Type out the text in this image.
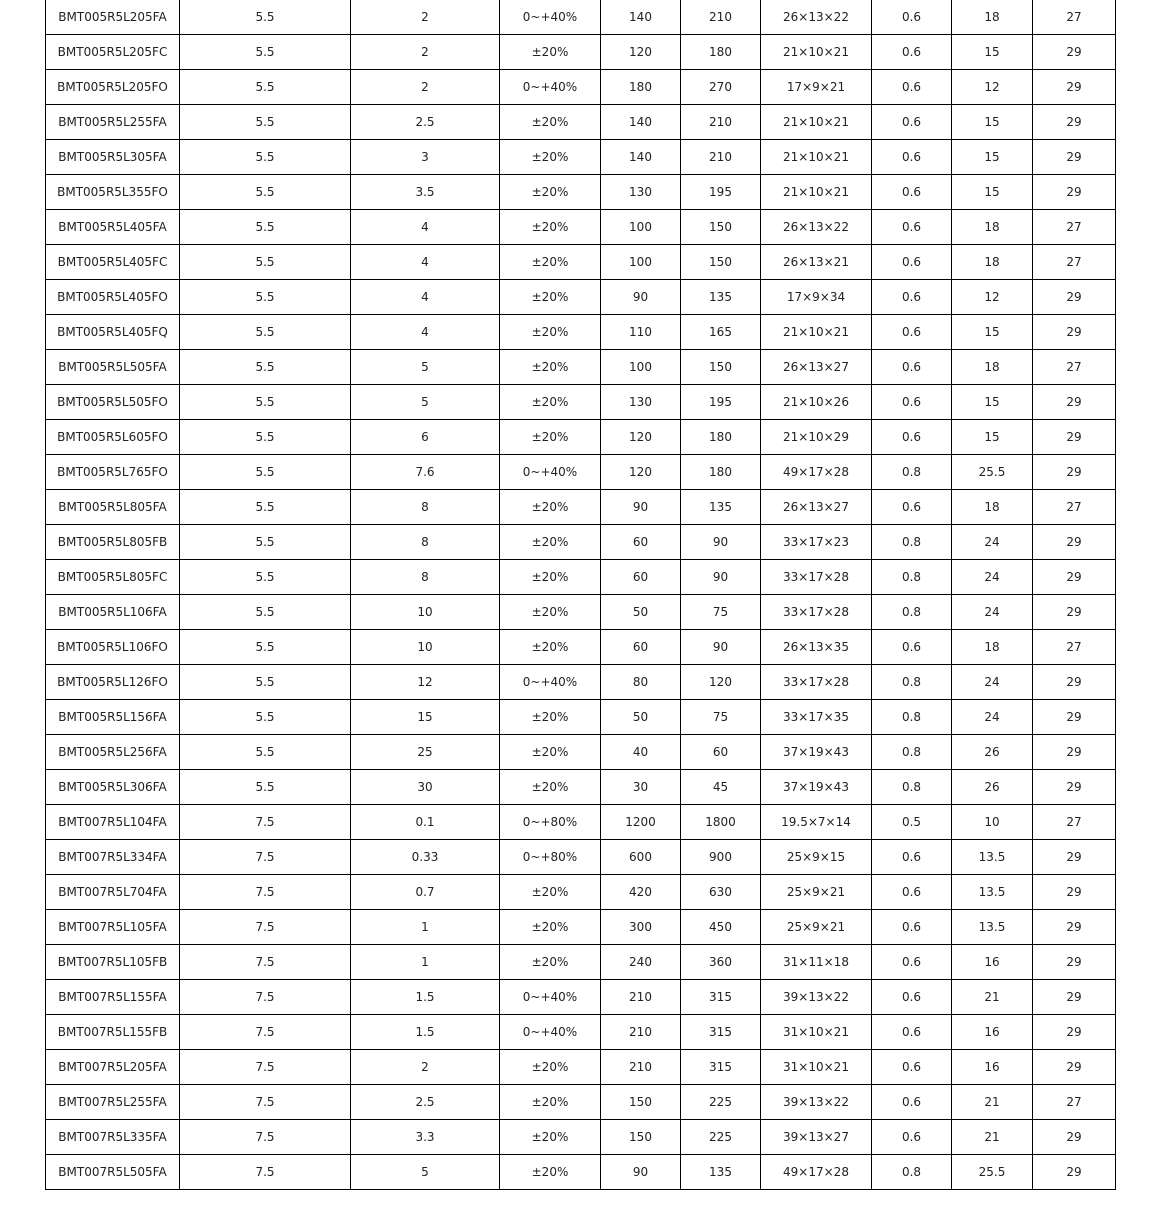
BMT005R5L205FA	5.5	2	0~+40%	140	210	26×13×22	0.6	18	27
BMT005R5L205FC	5.5	2	±20%	120	180	21×10×21	0.6	15	29
BMT005R5L205FO	5.5	2	0~+40%	180	270	17×9×21	0.6	12	29
BMT005R5L255FA	5.5	2.5	±20%	140	210	21×10×21	0.6	15	29
BMT005R5L305FA	5.5	3	±20%	140	210	21×10×21	0.6	15	29
BMT005R5L355FO	5.5	3.5	±20%	130	195	21×10×21	0.6	15	29
BMT005R5L405FA	5.5	4	±20%	100	150	26×13×22	0.6	18	27
BMT005R5L405FC	5.5	4	±20%	100	150	26×13×21	0.6	18	27
BMT005R5L405FO	5.5	4	±20%	90	135	17×9×34	0.6	12	29
BMT005R5L405FQ	5.5	4	±20%	110	165	21×10×21	0.6	15	29
BMT005R5L505FA	5.5	5	±20%	100	150	26×13×27	0.6	18	27
BMT005R5L505FO	5.5	5	±20%	130	195	21×10×26	0.6	15	29
BMT005R5L605FO	5.5	6	±20%	120	180	21×10×29	0.6	15	29
BMT005R5L765FO	5.5	7.6	0~+40%	120	180	49×17×28	0.8	25.5	29
BMT005R5L805FA	5.5	8	±20%	90	135	26×13×27	0.6	18	27
BMT005R5L805FB	5.5	8	±20%	60	90	33×17×23	0.8	24	29
BMT005R5L805FC	5.5	8	±20%	60	90	33×17×28	0.8	24	29
BMT005R5L106FA	5.5	10	±20%	50	75	33×17×28	0.8	24	29
BMT005R5L106FO	5.5	10	±20%	60	90	26×13×35	0.6	18	27
BMT005R5L126FO	5.5	12	0~+40%	80	120	33×17×28	0.8	24	29
BMT005R5L156FA	5.5	15	±20%	50	75	33×17×35	0.8	24	29
BMT005R5L256FA	5.5	25	±20%	40	60	37×19×43	0.8	26	29
BMT005R5L306FA	5.5	30	±20%	30	45	37×19×43	0.8	26	29
BMT007R5L104FA	7.5	0.1	0~+80%	1200	1800	19.5×7×14	0.5	10	27
BMT007R5L334FA	7.5	0.33	0~+80%	600	900	25×9×15	0.6	13.5	29
BMT007R5L704FA	7.5	0.7	±20%	420	630	25×9×21	0.6	13.5	29
BMT007R5L105FA	7.5	1	±20%	300	450	25×9×21	0.6	13.5	29
BMT007R5L105FB	7.5	1	±20%	240	360	31×11×18	0.6	16	29
BMT007R5L155FA	7.5	1.5	0~+40%	210	315	39×13×22	0.6	21	29
BMT007R5L155FB	7.5	1.5	0~+40%	210	315	31×10×21	0.6	16	29
BMT007R5L205FA	7.5	2	±20%	210	315	31×10×21	0.6	16	29
BMT007R5L255FA	7.5	2.5	±20%	150	225	39×13×22	0.6	21	27
BMT007R5L335FA	7.5	3.3	±20%	150	225	39×13×27	0.6	21	29
BMT007R5L505FA	7.5	5	±20%	90	135	49×17×28	0.8	25.5	29
